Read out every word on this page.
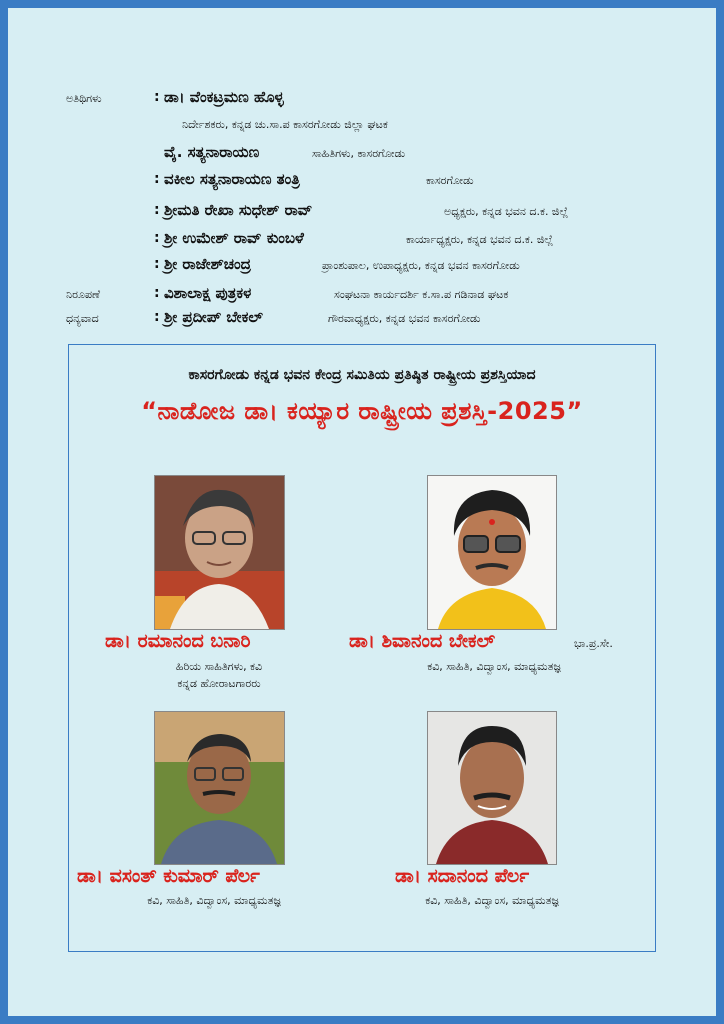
ಅತಿಥಿಗಳು	: ಡಾ। ವೆಂಕಟ್ರಮಣ ಹೊಳ್ಳ
ನಿರ್ದೇಶಕರು, ಕನ್ನಡ ಚು.ಸಾ.ಪ ಕಾಸರಗೋಡು ಜಿಲ್ಲಾ ಘಟಕ
ವೈ. ಸತ್ಯನಾರಾಯಣ	ಸಾಹಿತಿಗಳು, ಕಾಸರಗೋಡು
: ವಕೀಲ ಸತ್ಯನಾರಾಯಣ ತಂತ್ರಿ	ಕಾಸರಗೋಡು
: ಶ್ರೀಮತಿ ರೇಖಾ ಸುಧೇಶ್ ರಾವ್	ಅಧ್ಯಕ್ಷರು, ಕನ್ನಡ ಭವನ ದ.ಕ. ಜಿಲ್ಲೆ
: ಶ್ರೀ ಉಮೇಶ್ ರಾವ್ ಕುಂಬಳೆ	ಕಾರ್ಯಾಧ್ಯಕ್ಷರು, ಕನ್ನಡ ಭವನ ದ.ಕ. ಜಿಲ್ಲೆ
: ಶ್ರೀ ರಾಜೇಶ್‌ಚಂದ್ರ	ಪ್ರಾಂಶುಪಾಲ, ಉಪಾಧ್ಯಕ್ಷರು, ಕನ್ನಡ ಭವನ ಕಾಸರಗೋಡು
ನಿರೂಪಣೆ	: ವಿಶಾಲಾಕ್ಷ ಪುತ್ರಕಳ	ಸಂಘಟನಾ ಕಾರ್ಯದರ್ಶಿ ಕ.ಸಾ.ಪ ಗಡಿನಾಡ ಘಟಕ
ಧನ್ಯವಾದ	: ಶ್ರೀ ಪ್ರದೀಪ್ ಬೇಕಲ್	ಗೌರವಾಧ್ಯಕ್ಷರು, ಕನ್ನಡ ಭವನ ಕಾಸರಗೋಡು
ಕಾಸರಗೋಡು ಕನ್ನಡ ಭವನ ಕೇಂದ್ರ ಸಮಿತಿಯ ಪ್ರತಿಷ್ಠಿತ ರಾಷ್ಟ್ರೀಯ ಪ್ರಶಸ್ತಿಯಾದ
“ನಾಡೋಜ ಡಾ। ಕಯ್ಯಾರ ರಾಷ್ಟ್ರೀಯ ಪ್ರಶಸ್ತಿ-2025”
ಡಾ। ರಮಾನಂದ ಬನಾರಿ
ಹಿರಿಯ ಸಾಹಿತಿಗಳು, ಕವಿ
ಕನ್ನಡ ಹೋರಾಟಗಾರರು
ಡಾ। ಶಿವಾನಂದ ಬೇಕಲ್	ಭಾ.ಪ್ರ.ಸೇ.
ಕವಿ, ಸಾಹಿತಿ, ವಿದ್ವಾಂಸ, ಮಾಧ್ಯಮತಜ್ಞ
ಡಾ। ವಸಂತ್ ಕುಮಾರ್ ಪೆರ್ಲ
ಕವಿ, ಸಾಹಿತಿ, ವಿದ್ವಾಂಸ, ಮಾಧ್ಯಮತಜ್ಞ
ಡಾ। ಸದಾನಂದ ಪೆರ್ಲ
ಕವಿ, ಸಾಹಿತಿ, ವಿದ್ವಾಂಸ, ಮಾಧ್ಯಮತಜ್ಞ
